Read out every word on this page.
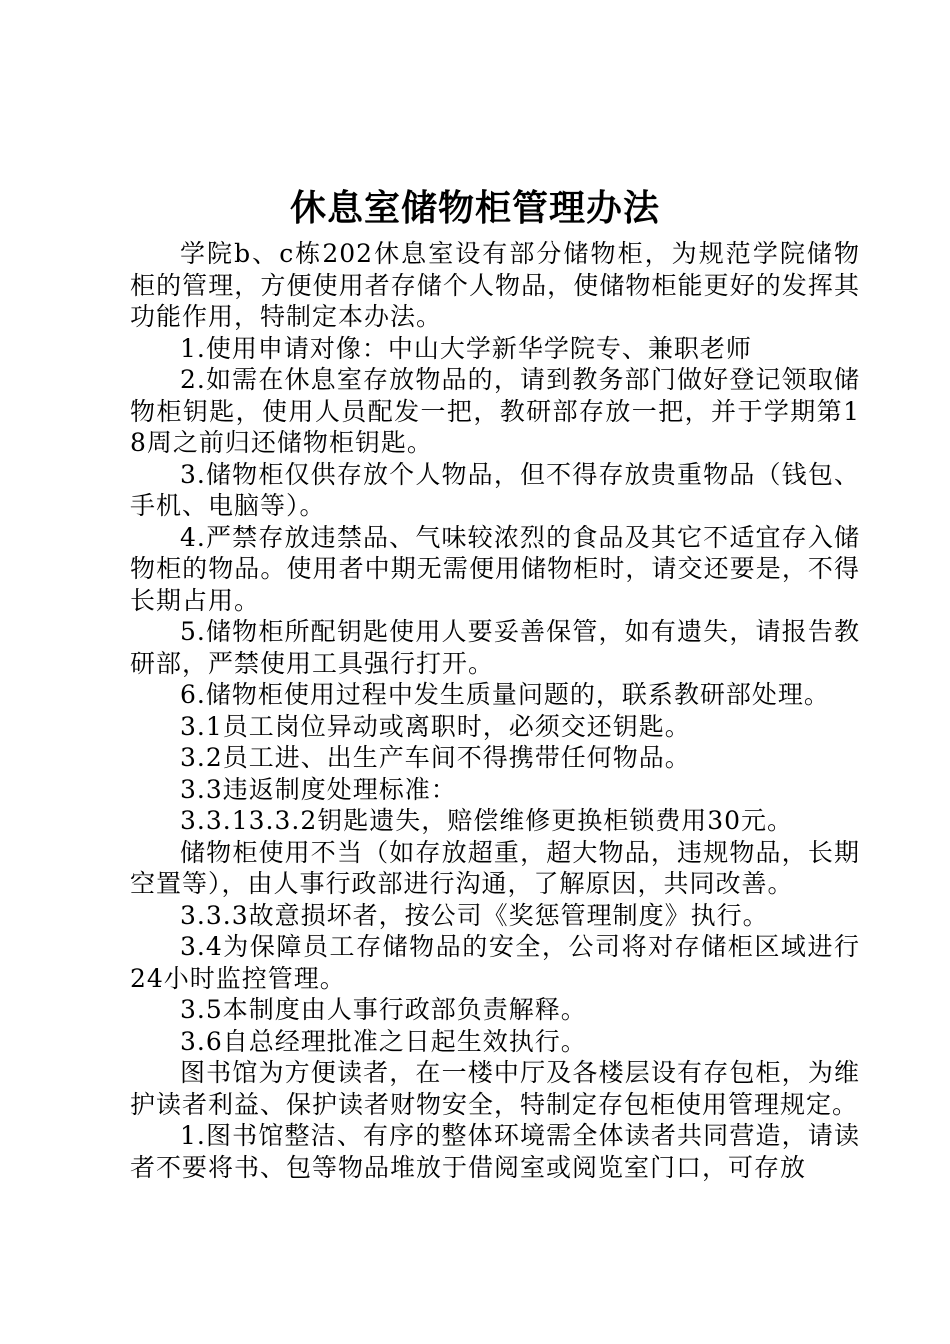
休息室储物柜管理办法

学院b、c栋202休息室设有部分储物柜，为规范学院储物柜的管理，方便使用者存储个人物品，使储物柜能更好的发挥其功能作用，特制定本办法。

1.使用申请对像：中山大学新华学院专、兼职老师

2.如需在休息室存放物品的，请到教务部门做好登记领取储物柜钥匙，使用人员配发一把，教研部存放一把，并于学期第18周之前归还储物柜钥匙。

3.储物柜仅供存放个人物品，但不得存放贵重物品（钱包、手机、电脑等）。

4.严禁存放违禁品、气味较浓烈的食品及其它不适宜存入储物柜的物品。使用者中期无需便用储物柜时，请交还要是，不得长期占用。

5.储物柜所配钥匙使用人要妥善保管，如有遗失，请报告教研部，严禁使用工具强行打开。

6.储物柜使用过程中发生质量问题的，联系教研部处理。

3.1员工岗位异动或离职时，必须交还钥匙。

3.2员工进、出生产车间不得携带任何物品。

3.3违返制度处理标准：

3.3.13.3.2钥匙遗失，赔偿维修更换柜锁费用30元。

储物柜使用不当（如存放超重，超大物品，违规物品，长期空置等），由人事行政部进行沟通，了解原因，共同改善。

3.3.3故意损坏者，按公司《奖惩管理制度》执行。

3.4为保障员工存储物品的安全，公司将对存储柜区域进行24小时监控管理。

3.5本制度由人事行政部负责解释。

3.6自总经理批准之日起生效执行。

图书馆为方便读者，在一楼中厅及各楼层设有存包柜，为维护读者利益、保护读者财物安全，特制定存包柜使用管理规定。

1.图书馆整洁、有序的整体环境需全体读者共同营造，请读者不要将书、包等物品堆放于借阅室或阅览室门口，可存放
